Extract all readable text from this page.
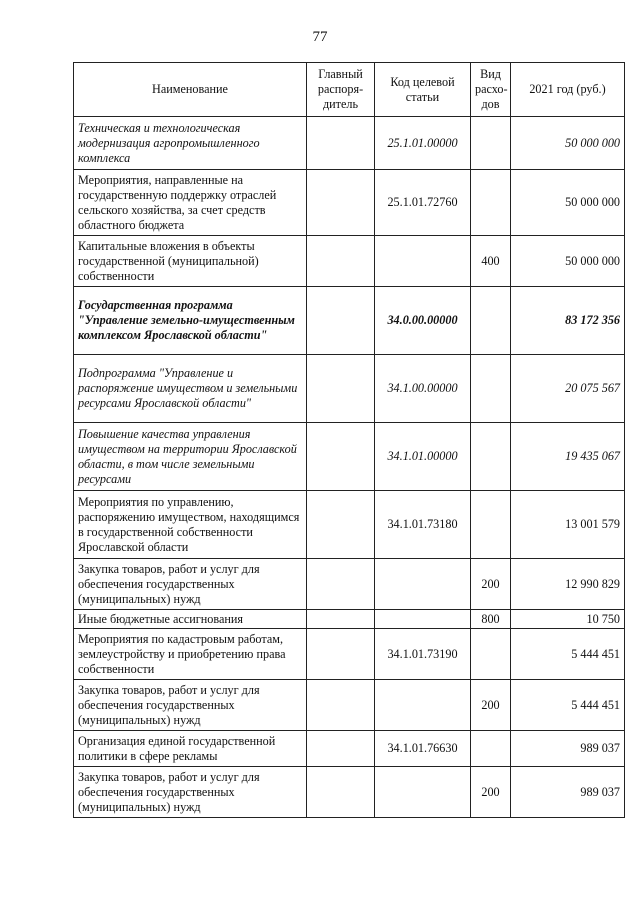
77
Наименование	Главный распоря-дитель	Код целевой статьи	Вид расхо-дов	2021 год (руб.)
Техническая и технологическая модернизация агропромышленного комплекса		25.1.01.00000		50 000 000
Мероприятия, направленные на государственную поддержку отраслей сельского хозяйства, за счет средств областного бюджета		25.1.01.72760		50 000 000
Капитальные вложения в объекты государственной (муниципальной) собственности			400	50 000 000
Государственная программа "Управление земельно-имущественным комплексом Ярославской области"		34.0.00.00000		83 172 356
Подпрограмма "Управление и распоряжение имуществом и земельными ресурсами Ярославской области"		34.1.00.00000		20 075 567
Повышение качества управления имуществом на территории Ярославской области, в том числе земельными ресурсами		34.1.01.00000		19 435 067
Мероприятия по управлению, распоряжению имуществом, находящимся в государственной собственности Ярославской области		34.1.01.73180		13 001 579
Закупка товаров, работ и услуг для обеспечения государственных (муниципальных) нужд			200	12 990 829
Иные бюджетные ассигнования			800	10 750
Мероприятия по кадастровым работам, землеустройству и приобретению права собственности		34.1.01.73190		5 444 451
Закупка товаров, работ и услуг для обеспечения государственных (муниципальных) нужд			200	5 444 451
Организация единой государственной политики в сфере рекламы		34.1.01.76630		989 037
Закупка товаров, работ и услуг для обеспечения государственных (муниципальных) нужд			200	989 037
